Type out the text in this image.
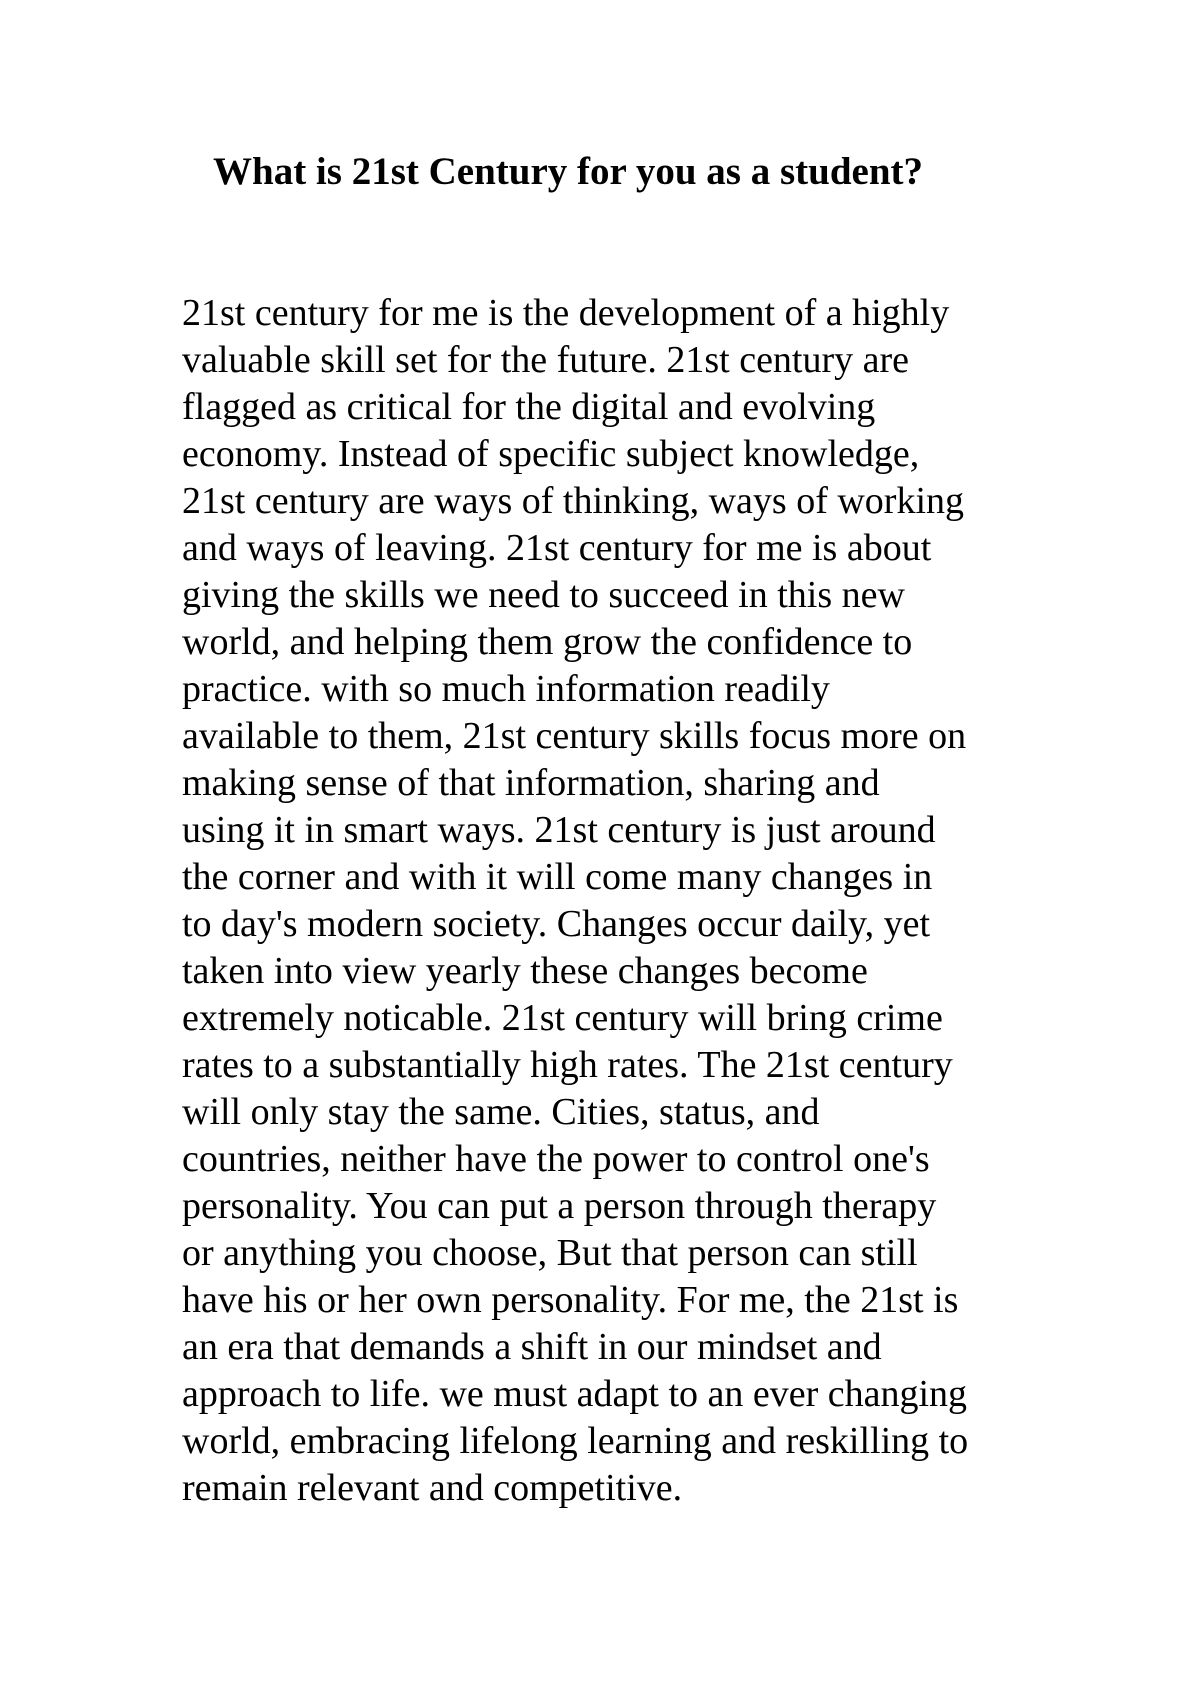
What is 21st Century for you as a student?
21st century for me is the development of a highly
valuable skill set for the future. 21st century are
flagged as critical for the digital and evolving
economy. Instead of specific subject knowledge,
21st century are ways of thinking, ways of working
and ways of leaving. 21st century for me is about
giving the skills we need to succeed in this new
world, and helping them grow the confidence to
practice. with so much information readily
available to them, 21st century skills focus more on
making sense of that information, sharing and
using it in smart ways. 21st century is just around
the corner and with it will come many changes in
to day's modern society. Changes occur daily, yet
taken into view yearly these changes become
extremely noticable. 21st century will bring crime
rates to a substantially high rates. The 21st century
will only stay the same. Cities, status, and
countries, neither have the power to control one's
personality. You can put a person through therapy
or anything you choose, But that person can still
have his or her own personality. For me, the 21st is
an era that demands a shift in our mindset and
approach to life. we must adapt to an ever changing
world, embracing lifelong learning and reskilling to
remain relevant and competitive.
